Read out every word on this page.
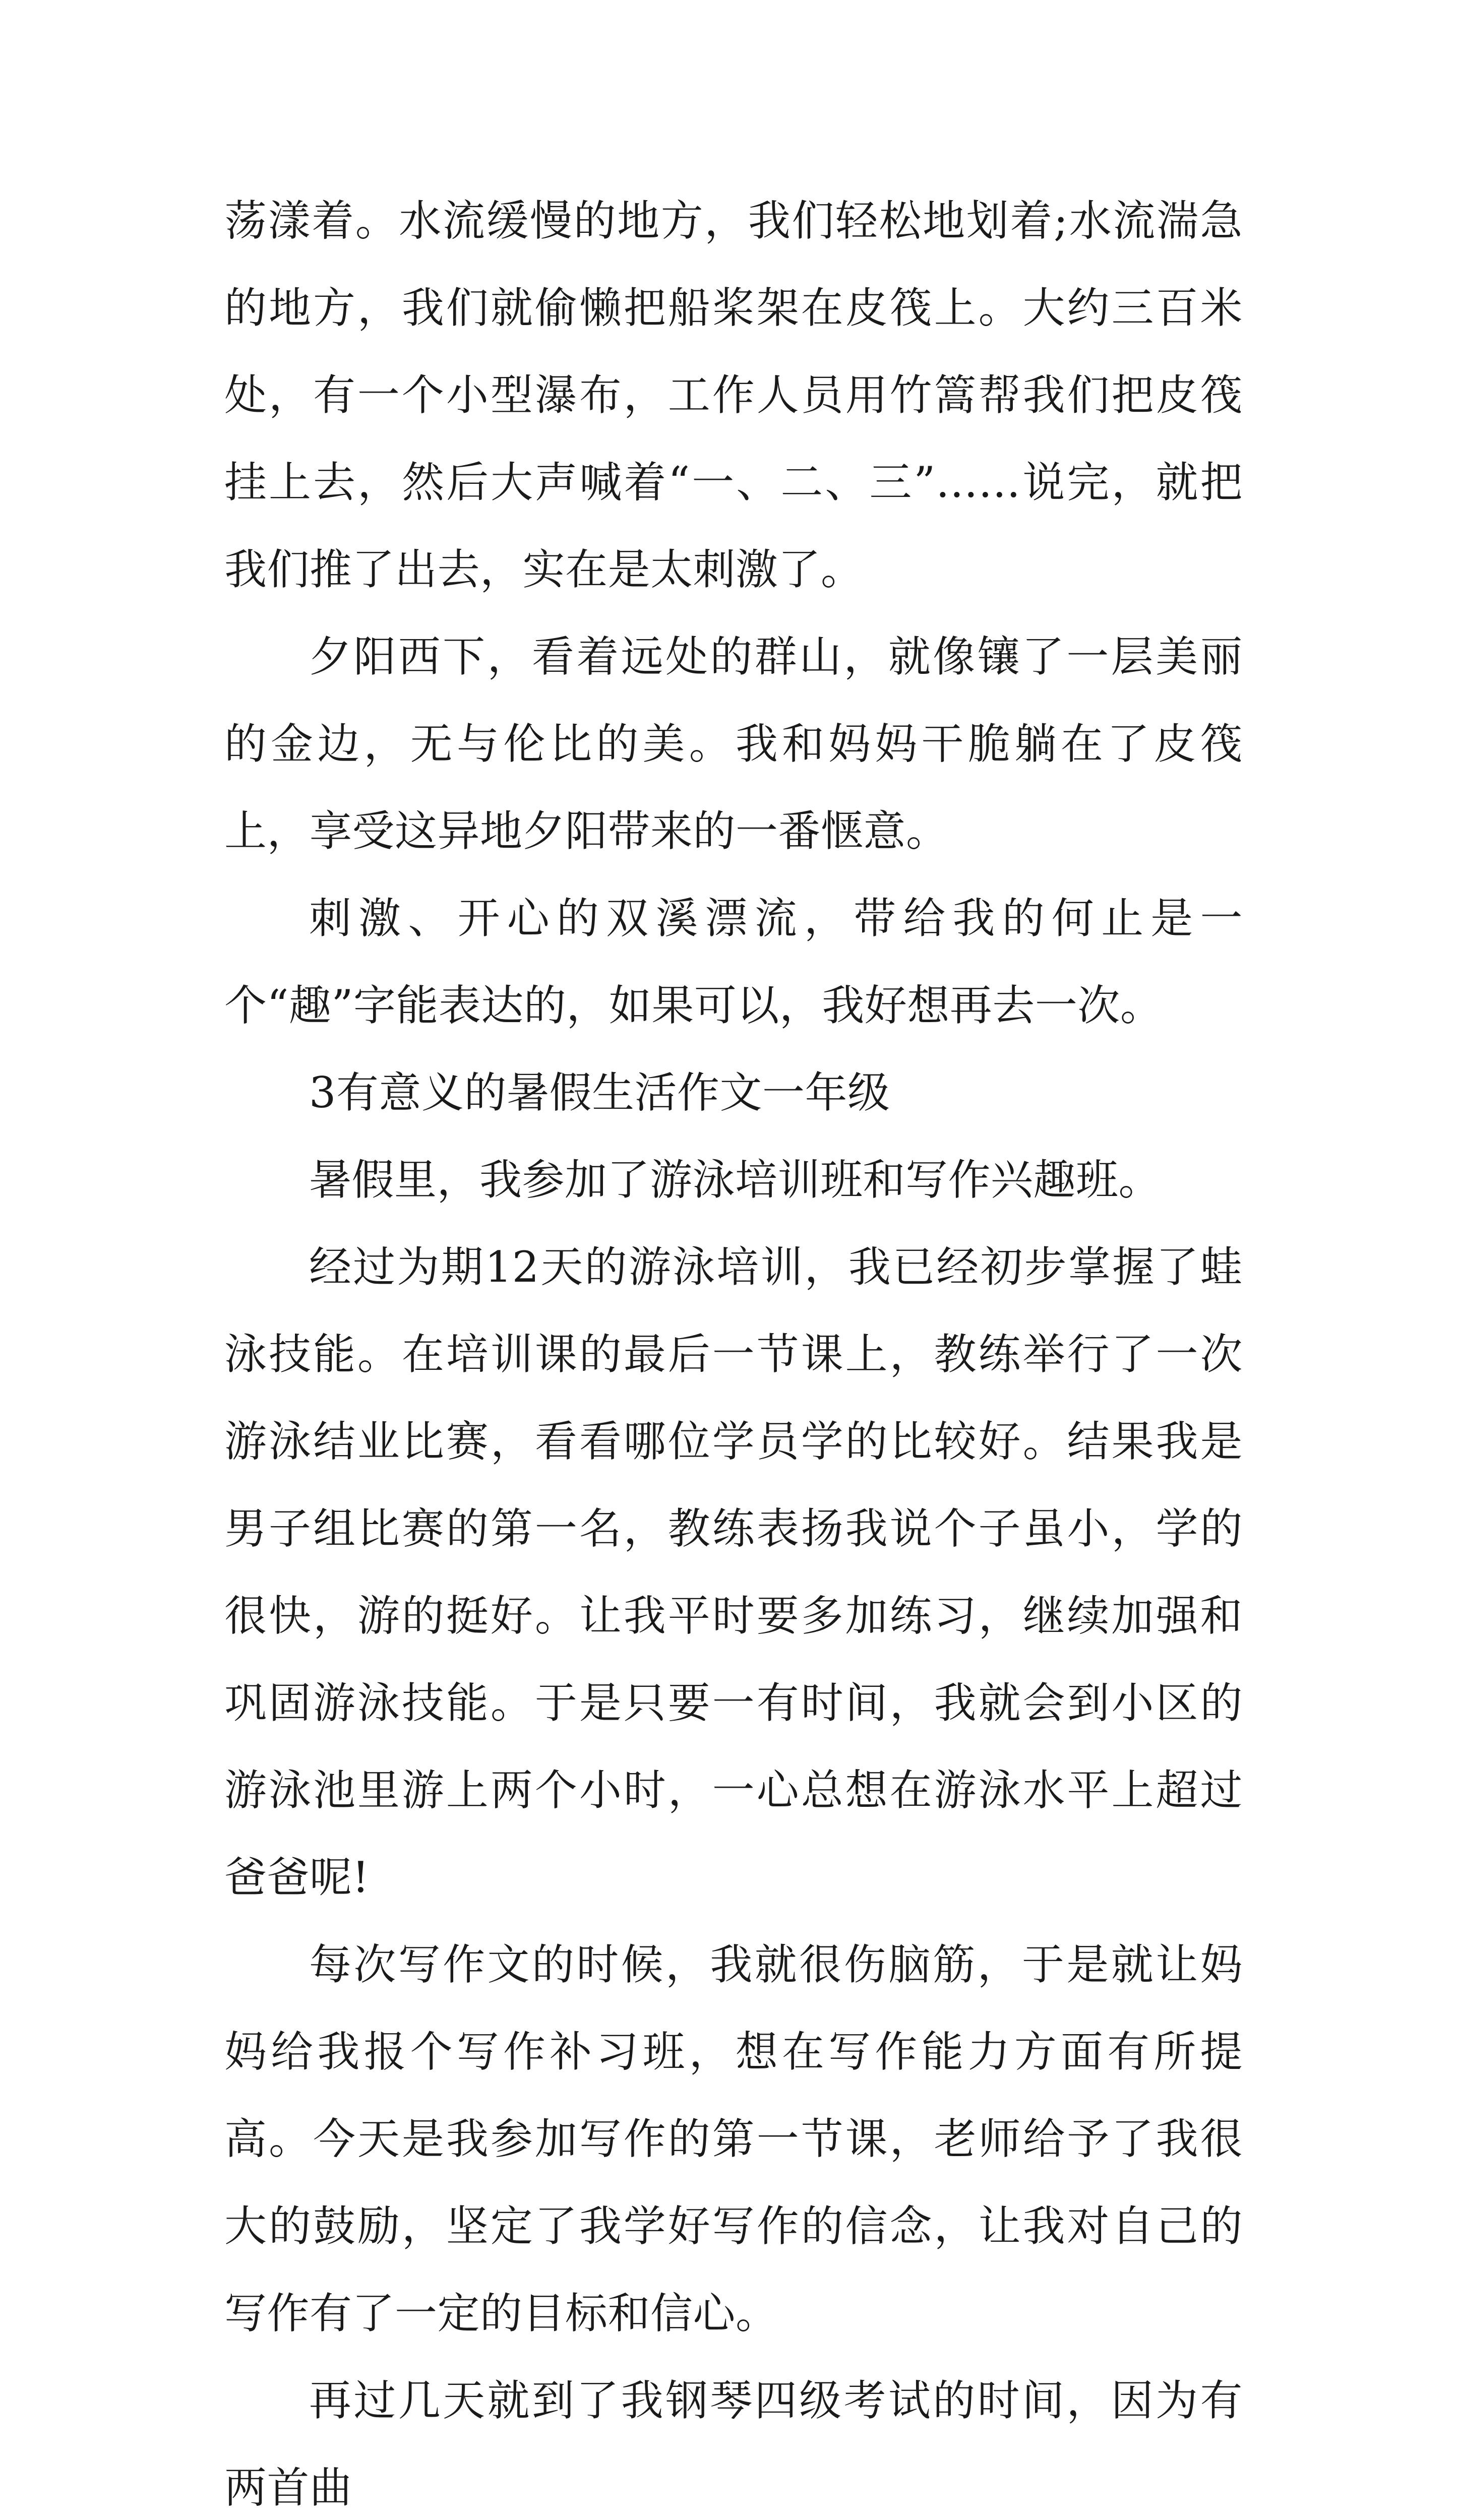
荡漾着。水流缓慢的地方，我们轻松地划着;水流湍急的地方，我们就偷懒把船桨架在皮筏上。大约三百米处，有一个小型瀑布，工作人员用竹篙帮我们把皮筏挂上去，然后大声喊着“一、二、三”……说完，就把我们推了出去，实在是太刺激了。

夕阳西下，看着远处的群山，就像镶了一层美丽的金边，无与伦比的美。我和妈妈干脆躺在了皮筏上，享受这异地夕阳带来的一番惬意。

刺激、开心的双溪漂流，带给我的何止是一个“趣”字能表达的，如果可以，我好想再去一次。

3有意义的暑假生活作文一年级

暑假里，我参加了游泳培训班和写作兴趣班。

经过为期12天的游泳培训，我已经初步掌握了蛙泳技能。在培训课的最后一节课上，教练举行了一次游泳结业比赛，看看哪位学员学的比较好。结果我是男子组比赛的第一名，教练表扬我说个子虽小，学的很快，游的挺好。让我平时要多加练习，继续加强和巩固游泳技能。于是只要一有时间，我就会到小区的游泳池里游上两个小时，一心总想在游泳水平上超过爸爸呢!

每次写作文的时候，我就很伤脑筋，于是就让妈妈给我报个写作补习班，想在写作能力方面有所提高。今天是我参加写作的第一节课，老师给予了我很大的鼓励，坚定了我学好写作的信念，让我对自己的写作有了一定的目标和信心。

再过几天就到了我钢琴四级考试的时间，因为有两首曲
